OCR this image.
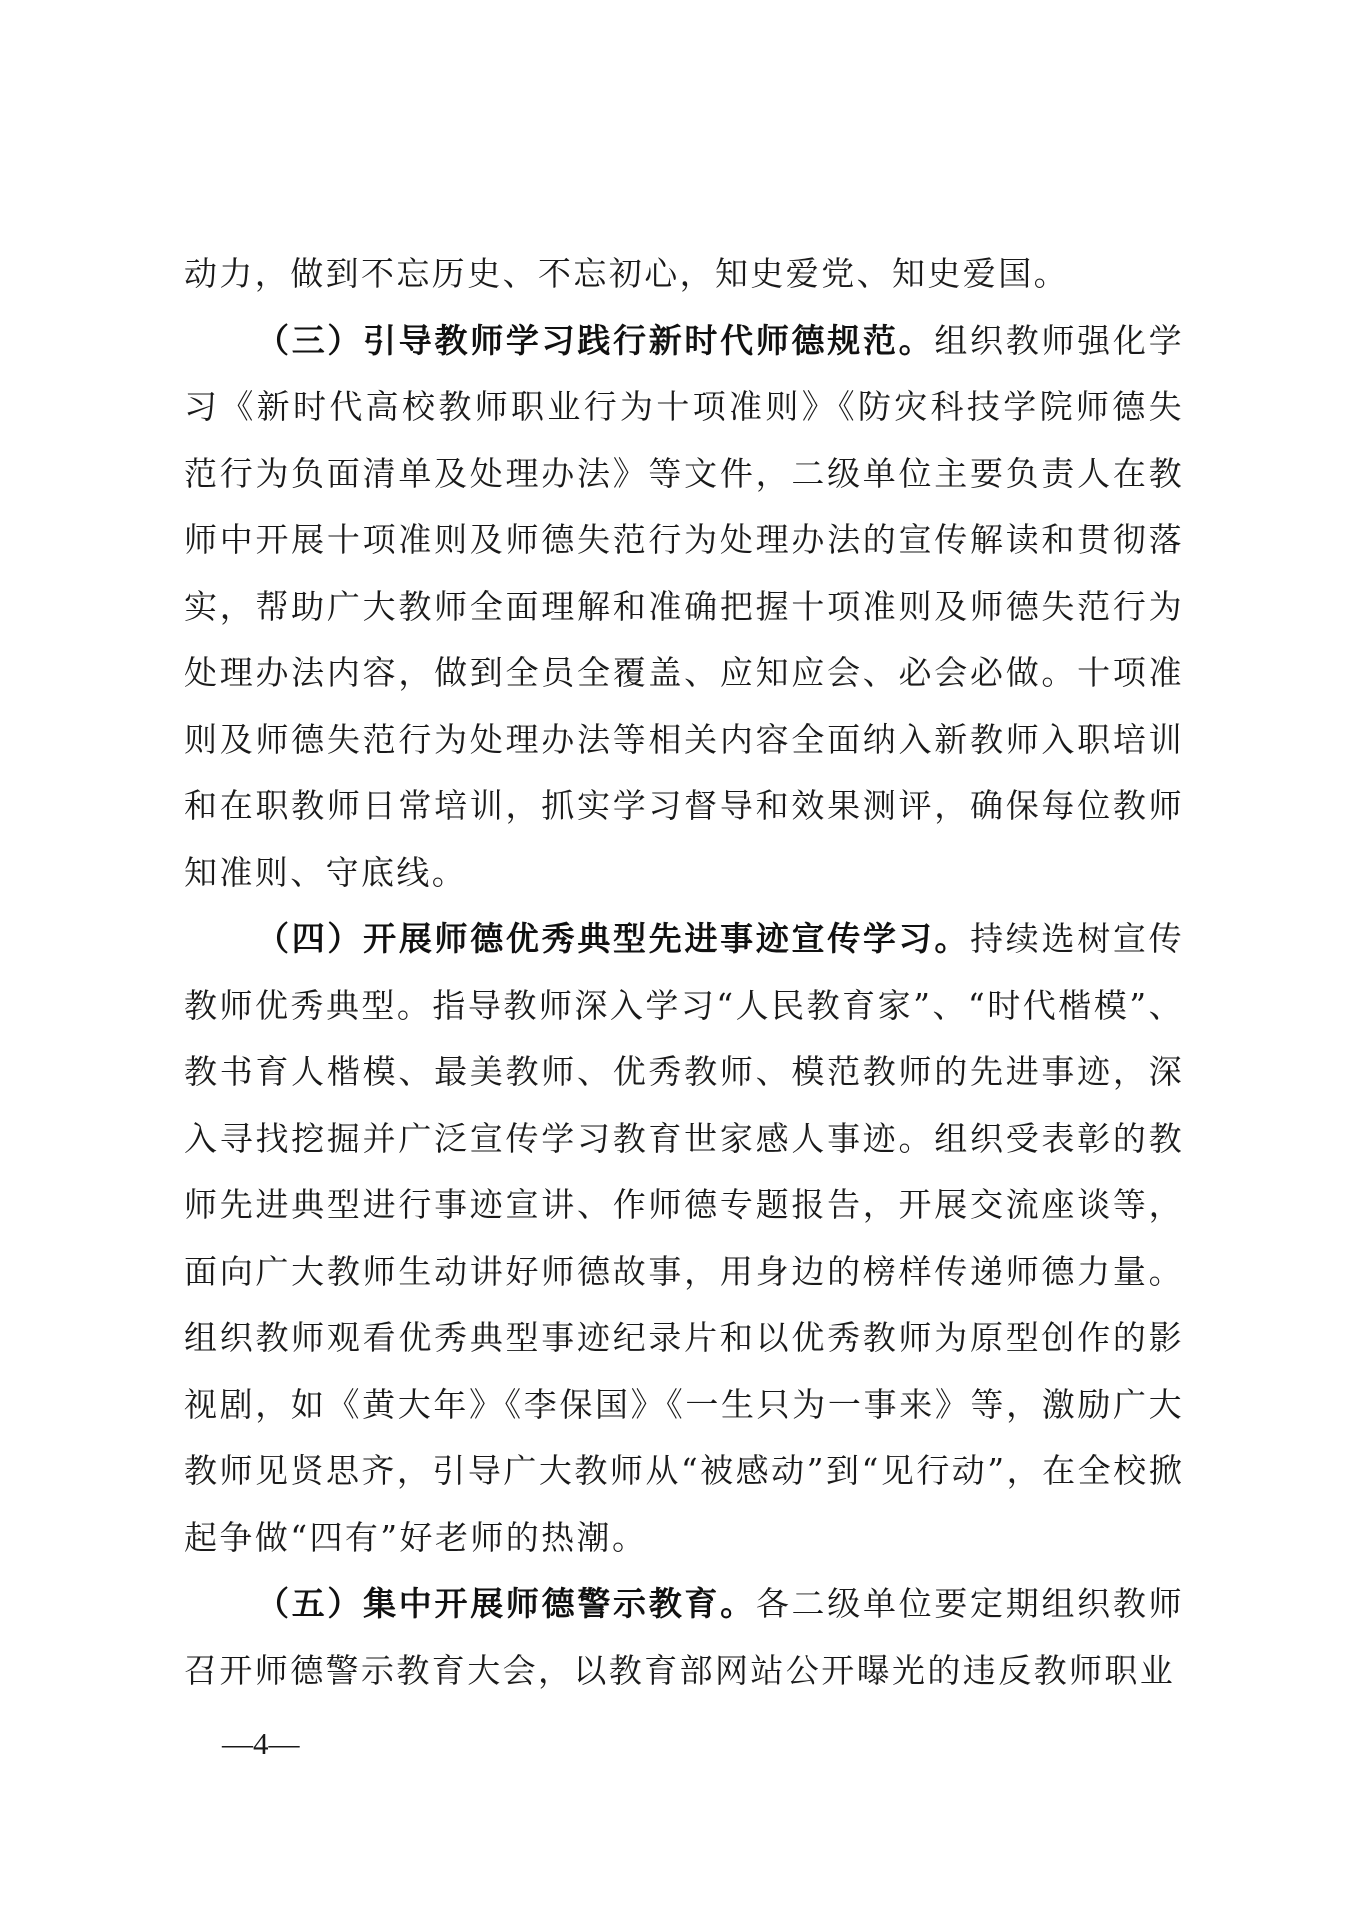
动力，做到不忘历史、不忘初心，知史爱党、知史爱国。

（三）引导教师学习践行新时代师德规范。组织教师强化学习《新时代高校教师职业行为十项准则》《防灾科技学院师德失范行为负面清单及处理办法》等文件，二级单位主要负责人在教师中开展十项准则及师德失范行为处理办法的宣传解读和贯彻落实，帮助广大教师全面理解和准确把握十项准则及师德失范行为处理办法内容，做到全员全覆盖、应知应会、必会必做。十项准则及师德失范行为处理办法等相关内容全面纳入新教师入职培训和在职教师日常培训，抓实学习督导和效果测评，确保每位教师知准则、守底线。

（四）开展师德优秀典型先进事迹宣传学习。持续选树宣传教师优秀典型。指导教师深入学习“人民教育家”、“时代楷模”、教书育人楷模、最美教师、优秀教师、模范教师的先进事迹，深入寻找挖掘并广泛宣传学习教育世家感人事迹。组织受表彰的教师先进典型进行事迹宣讲、作师德专题报告，开展交流座谈等，面向广大教师生动讲好师德故事，用身边的榜样传递师德力量。组织教师观看优秀典型事迹纪录片和以优秀教师为原型创作的影视剧，如《黄大年》《李保国》《一生只为一事来》等，激励广大教师见贤思齐，引导广大教师从“被感动”到“见行动”，在全校掀起争做“四有”好老师的热潮。

（五）集中开展师德警示教育。各二级单位要定期组织教师召开师德警示教育大会，以教育部网站公开曝光的违反教师职业

—4—
